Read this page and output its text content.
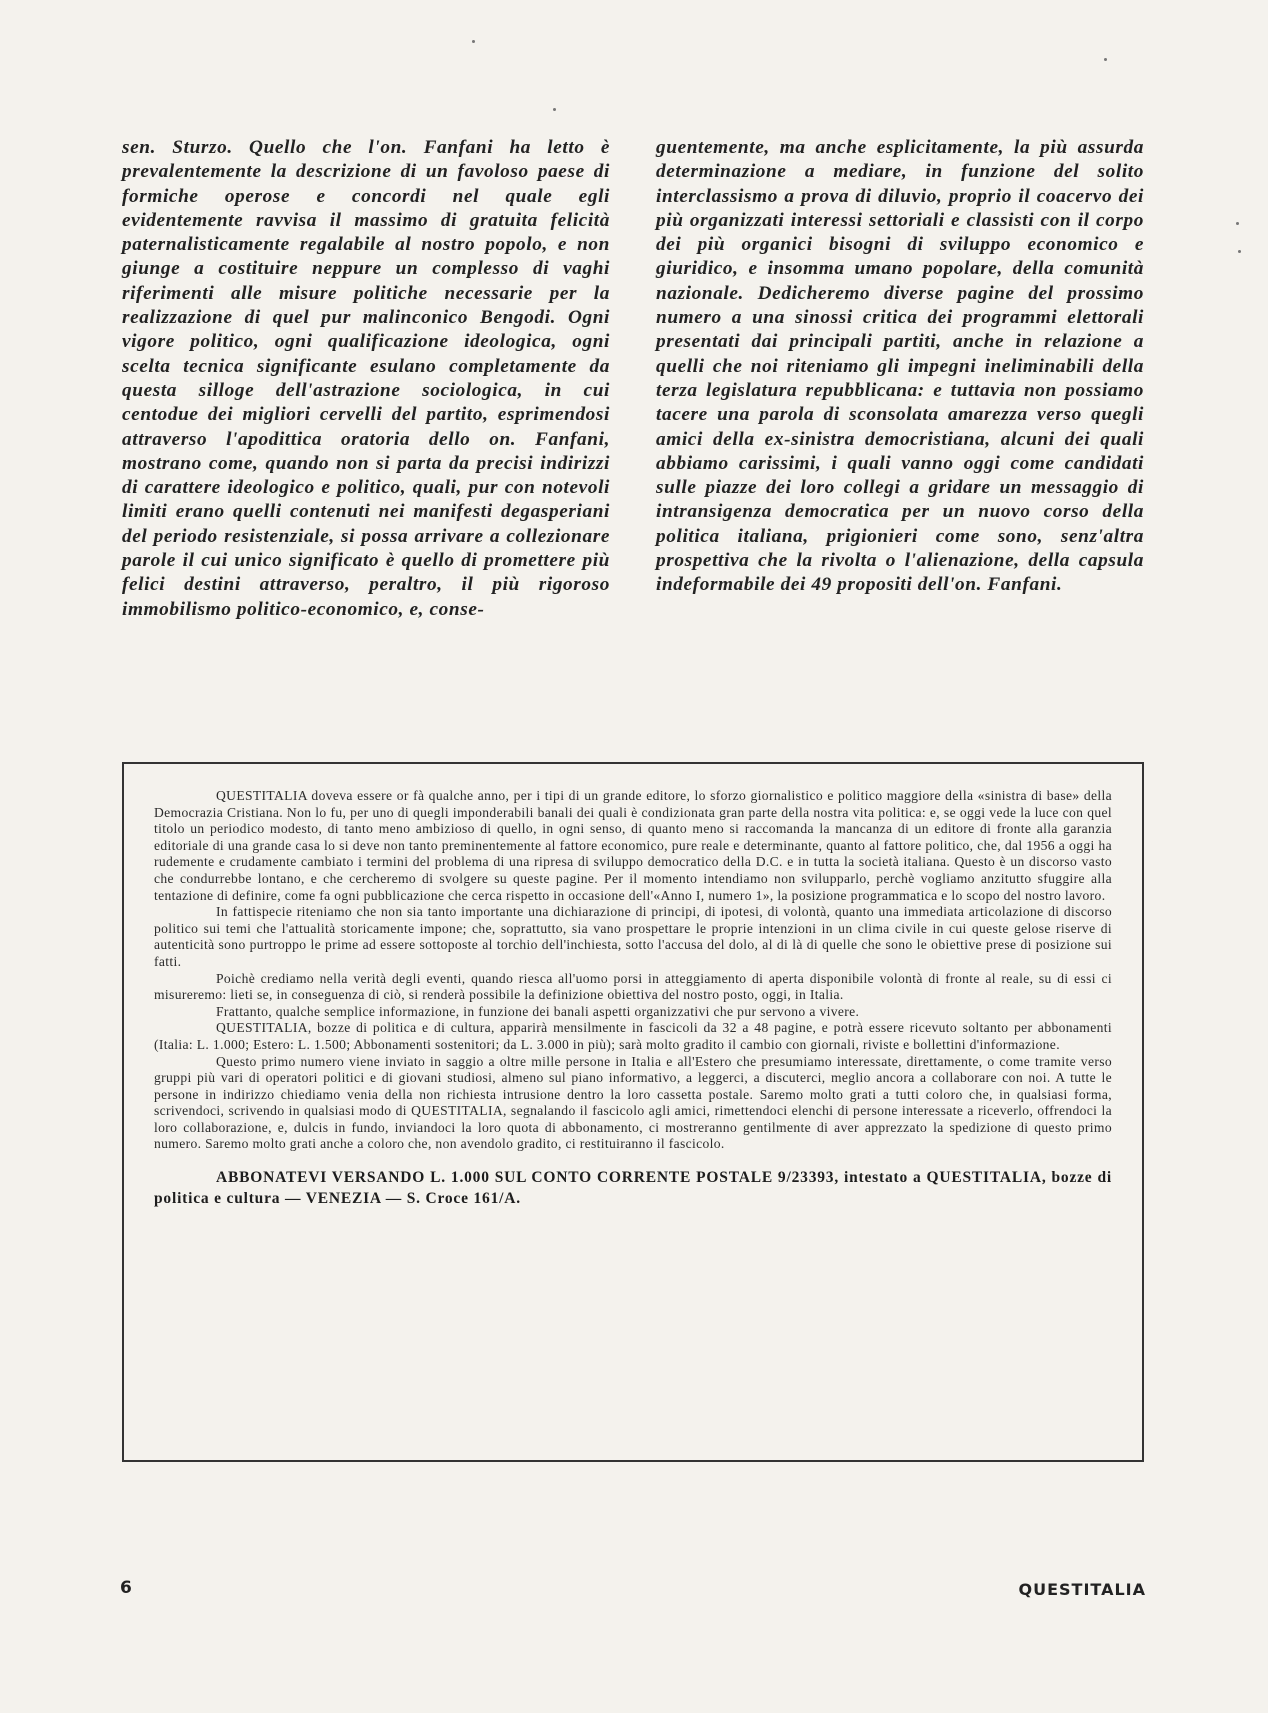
sen. Sturzo. Quello che l'on. Fanfani ha letto è prevalentemente la descrizione di un favoloso paese di formiche operose e concordi nel quale egli evidentemente ravvisa il massimo di gratuita felicità paternalisticamente regalabile al nostro popolo, e non giunge a costituire neppure un complesso di vaghi riferimenti alle misure politiche necessarie per la realizzazione di quel pur malinconico Bengodi. Ogni vigore politico, ogni qualificazione ideologica, ogni scelta tecnica significante esulano completamente da questa silloge dell'astrazione sociologica, in cui centodue dei migliori cervelli del partito, esprimendosi attraverso l'apodittica oratoria dello on. Fanfani, mostrano come, quando non si parta da precisi indirizzi di carattere ideologico e politico, quali, pur con notevoli limiti erano quelli contenuti nei manifesti degasperiani del periodo resistenziale, si possa arrivare a collezionare parole il cui unico significato è quello di promettere più felici destini attraverso, peraltro, il più rigoroso immobilismo politico-economico, e, conse-

guentemente, ma anche esplicitamente, la più assurda determinazione a mediare, in funzione del solito interclassismo a prova di diluvio, proprio il coacervo dei più organizzati interessi settoriali e classisti con il corpo dei più organici bisogni di sviluppo economico e giuridico, e insomma umano popolare, della comunità nazionale. Dedicheremo diverse pagine del prossimo numero a una sinossi critica dei programmi elettorali presentati dai principali partiti, anche in relazione a quelli che noi riteniamo gli impegni ineliminabili della terza legislatura repubblicana: e tuttavia non possiamo tacere una parola di sconsolata amarezza verso quegli amici della ex-sinistra democristiana, alcuni dei quali abbiamo carissimi, i quali vanno oggi come candidati sulle piazze dei loro collegi a gridare un messaggio di intransigenza democratica per un nuovo corso della politica italiana, prigionieri come sono, senz'altra prospettiva che la rivolta o l'alienazione, della capsula indeformabile dei 49 propositi dell'on. Fanfani.

QUESTITALIA doveva essere or fà qualche anno, per i tipi di un grande editore, lo sforzo giornalistico e politico maggiore della «sinistra di base» della Democrazia Cristiana. Non lo fu, per uno di quegli imponderabili banali dei quali è condizionata gran parte della nostra vita politica: e, se oggi vede la luce con quel titolo un periodico modesto, di tanto meno ambizioso di quello, in ogni senso, di quanto meno si raccomanda la mancanza di un editore di fronte alla garanzia editoriale di una grande casa lo si deve non tanto preminentemente al fattore economico, pure reale e determinante, quanto al fattore politico, che, dal 1956 a oggi ha rudemente e crudamente cambiato i termini del problema di una ripresa di sviluppo democratico della D.C. e in tutta la società italiana. Questo è un discorso vasto che condurrebbe lontano, e che cercheremo di svolgere su queste pagine. Per il momento intendiamo non svilupparlo, perchè vogliamo anzitutto sfuggire alla tentazione di definire, come fa ogni pubblicazione che cerca rispetto in occasione dell'«Anno I, numero 1», la posizione programmatica e lo scopo del nostro lavoro.

In fattispecie riteniamo che non sia tanto importante una dichiarazione di principi, di ipotesi, di volontà, quanto una immediata articolazione di discorso politico sui temi che l'attualità storicamente impone; che, soprattutto, sia vano prospettare le proprie intenzioni in un clima civile in cui queste gelose riserve di autenticità sono purtroppo le prime ad essere sottoposte al torchio dell'inchiesta, sotto l'accusa del dolo, al di là di quelle che sono le obiettive prese di posizione sui fatti.

Poichè crediamo nella verità degli eventi, quando riesca all'uomo porsi in atteggiamento di aperta disponibile volontà di fronte al reale, su di essi ci misureremo: lieti se, in conseguenza di ciò, si renderà possibile la definizione obiettiva del nostro posto, oggi, in Italia.

Frattanto, qualche semplice informazione, in funzione dei banali aspetti organizzativi che pur servono a vivere.

QUESTITALIA, bozze di politica e di cultura, apparirà mensilmente in fascicoli da 32 a 48 pagine, e potrà essere ricevuto soltanto per abbonamenti (Italia: L. 1.000; Estero: L. 1.500; Abbonamenti sostenitori; da L. 3.000 in più); sarà molto gradito il cambio con giornali, riviste e bollettini d'informazione.

Questo primo numero viene inviato in saggio a oltre mille persone in Italia e all'Estero che presumiamo interessate, direttamente, o come tramite verso gruppi più vari di operatori politici e di giovani studiosi, almeno sul piano informativo, a leggerci, a discuterci, meglio ancora a collaborare con noi. A tutte le persone in indirizzo chiediamo venia della non richiesta intrusione dentro la loro cassetta postale. Saremo molto grati a tutti coloro che, in qualsiasi forma, scrivendoci, scrivendo in qualsiasi modo di QUESTITALIA, segnalando il fascicolo agli amici, rimettendoci elenchi di persone interessate a riceverlo, offrendoci la loro collaborazione, e, dulcis in fundo, inviandoci la loro quota di abbonamento, ci mostreranno gentilmente di aver apprezzato la spedizione di questo primo numero. Saremo molto grati anche a coloro che, non avendolo gradito, ci restituiranno il fascicolo.

ABBONATEVI VERSANDO L. 1.000 SUL CONTO CORRENTE POSTALE 9/23393, intestato a QUESTITALIA, bozze di politica e cultura — VENEZIA — S. Croce 161/A.

6	QUESTITALIA
